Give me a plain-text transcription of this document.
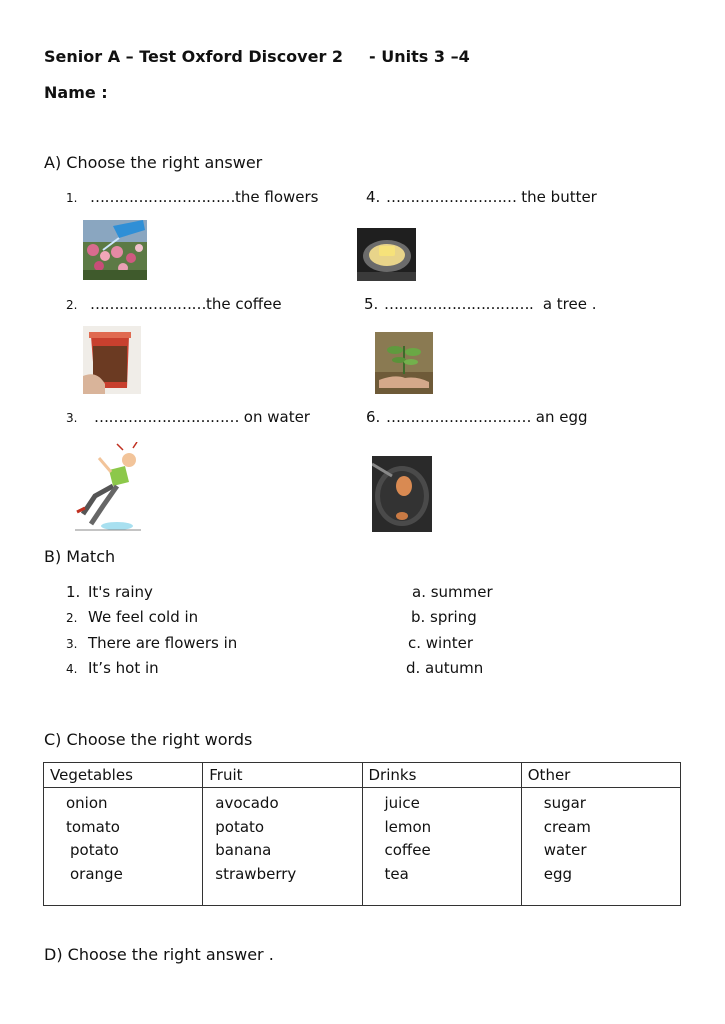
Senior A – Test Oxford Discover 2 - Units 3 –4
Name :
A) Choose the right answer
1. …………………………the flowers
2. ……………………the coffee
3. ………………………… on water
4. ……………………… the butter
5. …………………………. a tree .
6. ………………………… an egg
B) Match
1. It's rainy
2. We feel cold in
3. There are flowers in
4. It’s hot in
a. summer
b. spring
c. winter
d. autumn
C) Choose the right words
Vegetables	Fruit	Drinks	Other

onion
tomato
potato
orange	avocado
potato
banana
strawberry	juice
lemon
coffee
tea	sugar
cream
water
egg
D) Choose the right answer .
